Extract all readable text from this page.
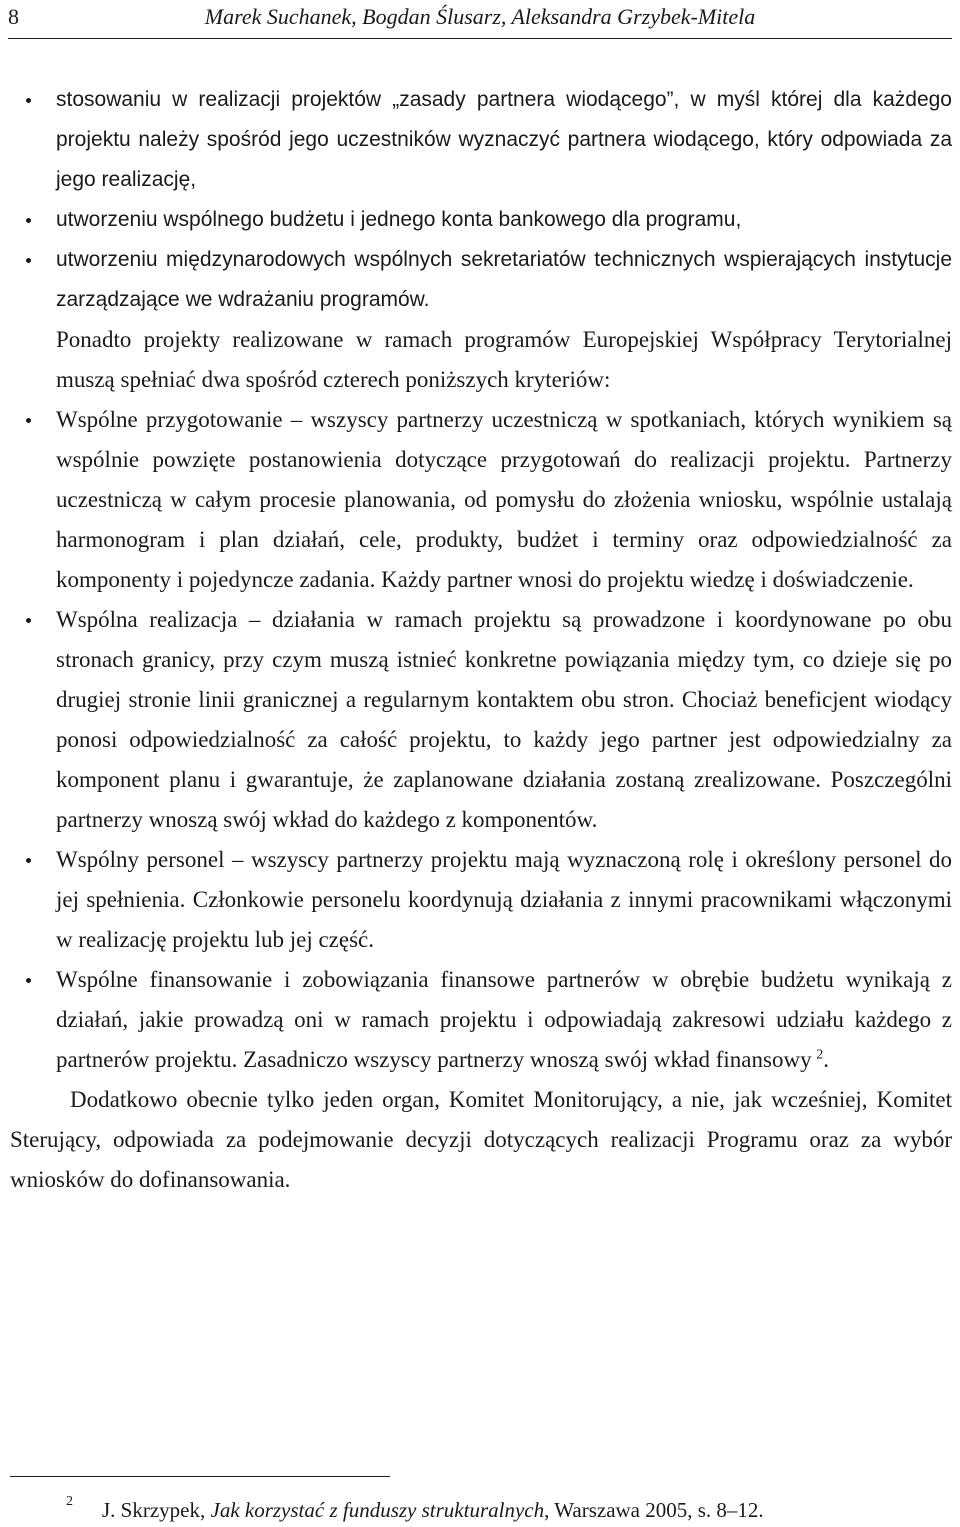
8	Marek Suchanek, Bogdan Ślusarz, Aleksandra Grzybek-Mitela
stosowaniu w realizacji projektów „zasady partnera wiodącego”, w myśl której dla każdego projektu należy spośród jego uczestników wyznaczyć partnera wiodącego, który odpowiada za jego realizację,
utworzeniu wspólnego budżetu i jednego konta bankowego dla programu,
utworzeniu międzynarodowych wspólnych sekretariatów technicznych wspierających instytucje zarządzające we wdrażaniu programów.

Ponadto projekty realizowane w ramach programów Europejskiej Współpracy Terytorialnej muszą spełniać dwa spośród czterech poniższych kryteriów:

Wspólne przygotowanie – wszyscy partnerzy uczestniczą w spotkaniach, których wynikiem są wspólnie powzięte postanowienia dotyczące przygotowań do realizacji projektu. Partnerzy uczestniczą w całym procesie planowania, od pomysłu do złożenia wniosku, wspólnie ustalają harmonogram i plan działań, cele, produkty, budżet i terminy oraz odpowiedzialność za komponenty i pojedyncze zadania. Każdy partner wnosi do projektu wiedzę i doświadczenie.
Wspólna realizacja – działania w ramach projektu są prowadzone i koordynowane po obu stronach granicy, przy czym muszą istnieć konkretne powiązania między tym, co dzieje się po drugiej stronie linii granicznej a regularnym kontaktem obu stron. Chociaż beneficjent wiodący ponosi odpowiedzialność za całość projektu, to każdy jego partner jest odpowiedzialny za komponent planu i gwarantuje, że zaplanowane działania zostaną zrealizowane. Poszczególni partnerzy wnoszą swój wkład do każdego z komponentów.
Wspólny personel – wszyscy partnerzy projektu mają wyznaczoną rolę i określony personel do jej spełnienia. Członkowie personelu koordynują działania z innymi pracownikami włączonymi w realizację projektu lub jej część.
Wspólne finansowanie i zobowiązania finansowe partnerów w obrębie budżetu wynikają z działań, jakie prowadzą oni w ramach projektu i odpowiadają zakresowi udziału każdego z partnerów projektu. Zasadniczo wszyscy partnerzy wnoszą swój wkład finansowy  $^2$.

Dodatkowo obecnie tylko jeden organ, Komitet Monitorujący, a nie, jak wcześniej, Komitet Sterujący, odpowiada za podejmowanie decyzji dotyczących realizacji Programu oraz za wybór wniosków do dofinansowania.

2	J. Skrzypek, Jak korzystać z funduszy strukturalnych, Warszawa 2005, s. 8–12.
